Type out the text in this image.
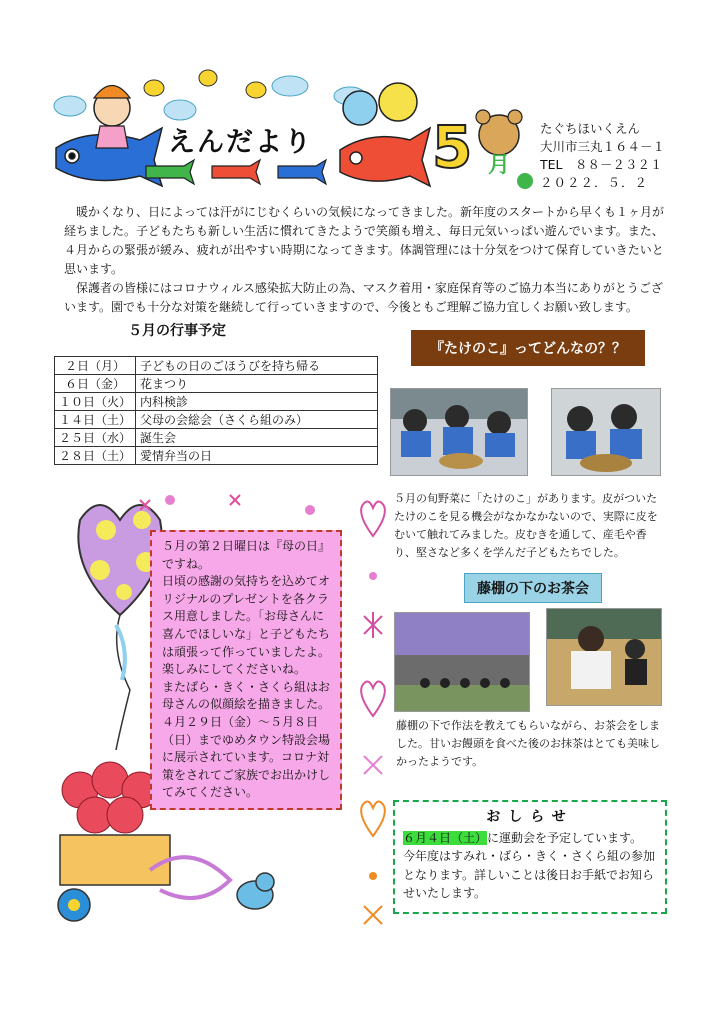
えんだより 5 月
たぐちほいくえん
大川市三丸１６４－１
TEL　８８－２３２１
２０２２．５．２

暖かくなり、日によっては汗がにじむくらいの気候になってきました。新年度のスタートから早くも１ヶ月が経ちました。子どもたちも新しい生活に慣れてきたようで笑顔も増え、毎日元気いっぱい遊んでいます。また、４月からの緊張が緩み、疲れが出やすい時期になってきます。体調管理には十分気をつけて保育していきたいと思います。

保護者の皆様にはコロナウィルス感染拡大防止の為、マスク着用・家庭保育等のご協力本当にありがとうございます。園でも十分な対策を継続して行っていきますので、今後ともご理解ご協力宜しくお願い致します。

５月の行事予定
２日（月）	子どもの日のごほうびを持ち帰る
６日（金）	花まつり
１０日（火）	内科検診
１４日（土）	父母の会総会（さくら組のみ）
２５日（水）	誕生会
２８日（土）	愛情弁当の日
『たけのこ』ってどんなの？？
５月の旬野菜に「たけのこ」があります。皮がついたたけのこを見る機会がなかなかないので、実際に皮をむいて触れてみました。皮むきを通して、産毛や香り、堅さなど多くを学んだ子どもたちでした。
藤棚の下のお茶会
藤棚の下で作法を教えてもらいながら、お茶会をしました。甘いお饅頭を食べた後のお抹茶はとても美味しかったようです。

５月の第２日曜日は『母の日』ですね。

日頃の感謝の気持ちを込めてオリジナルのプレゼントを各クラス用意しました。「お母さんに喜んでほしいな」と子どもたちは頑張って作っていましたよ。楽しみにしてくださいね。

またばら・きく・さくら組はお母さんの似顔絵を描きました。４月２９日（金）～５月８日（日）までゆめタウン特設会場に展示されています。コロナ対策をされてご家族でお出かけしてみてください。

おしらせ
６月４日（土）に運動会を予定しています。
今年度はすみれ・ばら・きく・さくら組の参加となります。詳しいことは後日お手紙でお知らせいたします。
